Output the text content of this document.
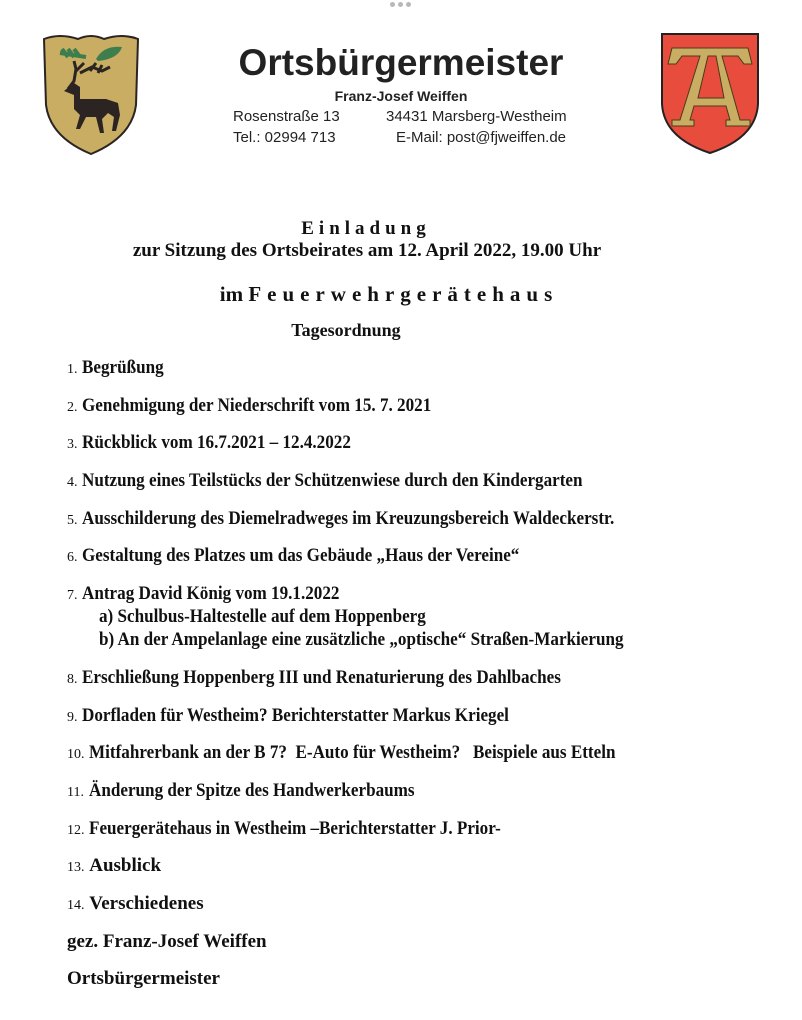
Ortsbürgermeister
Franz-Josef Weiffen
Rosenstraße 13	34431 Marsberg-Westheim
Tel.: 02994 713	E-Mail: post@fjweiffen.de
Einladung
zur Sitzung des Ortsbeirates am 12. April 2022, 19.00 Uhr
im Feuerwehrgerätehaus
Tagesordnung
1. Begrüßung
2. Genehmigung der Niederschrift vom 15. 7. 2021
3. Rückblick vom 16.7.2021 – 12.4.2022
4. Nutzung eines Teilstücks der Schützenwiese durch den Kindergarten
5. Ausschilderung des Diemelradweges im Kreuzungsbereich Waldeckerstr.
6. Gestaltung des Platzes um das Gebäude „Haus der Vereine“
7. Antrag David König vom 19.1.2022
a) Schulbus-Haltestelle auf dem Hoppenberg
b) An der Ampelanlage eine zusätzliche „optische“ Straßen-Markierung
8. Erschließung Hoppenberg III und Renaturierung des Dahlbaches
9. Dorfladen für Westheim? Berichterstatter Markus Kriegel
10. Mitfahrerbank an der B 7?  E-Auto für Westheim?   Beispiele aus Etteln
11. Änderung der Spitze des Handwerkerbaums
12. Feuergerätehaus in Westheim –Berichterstatter J. Prior-
13. Ausblick
14. Verschiedenes
gez. Franz-Josef Weiffen
Ortsbürgermeister
